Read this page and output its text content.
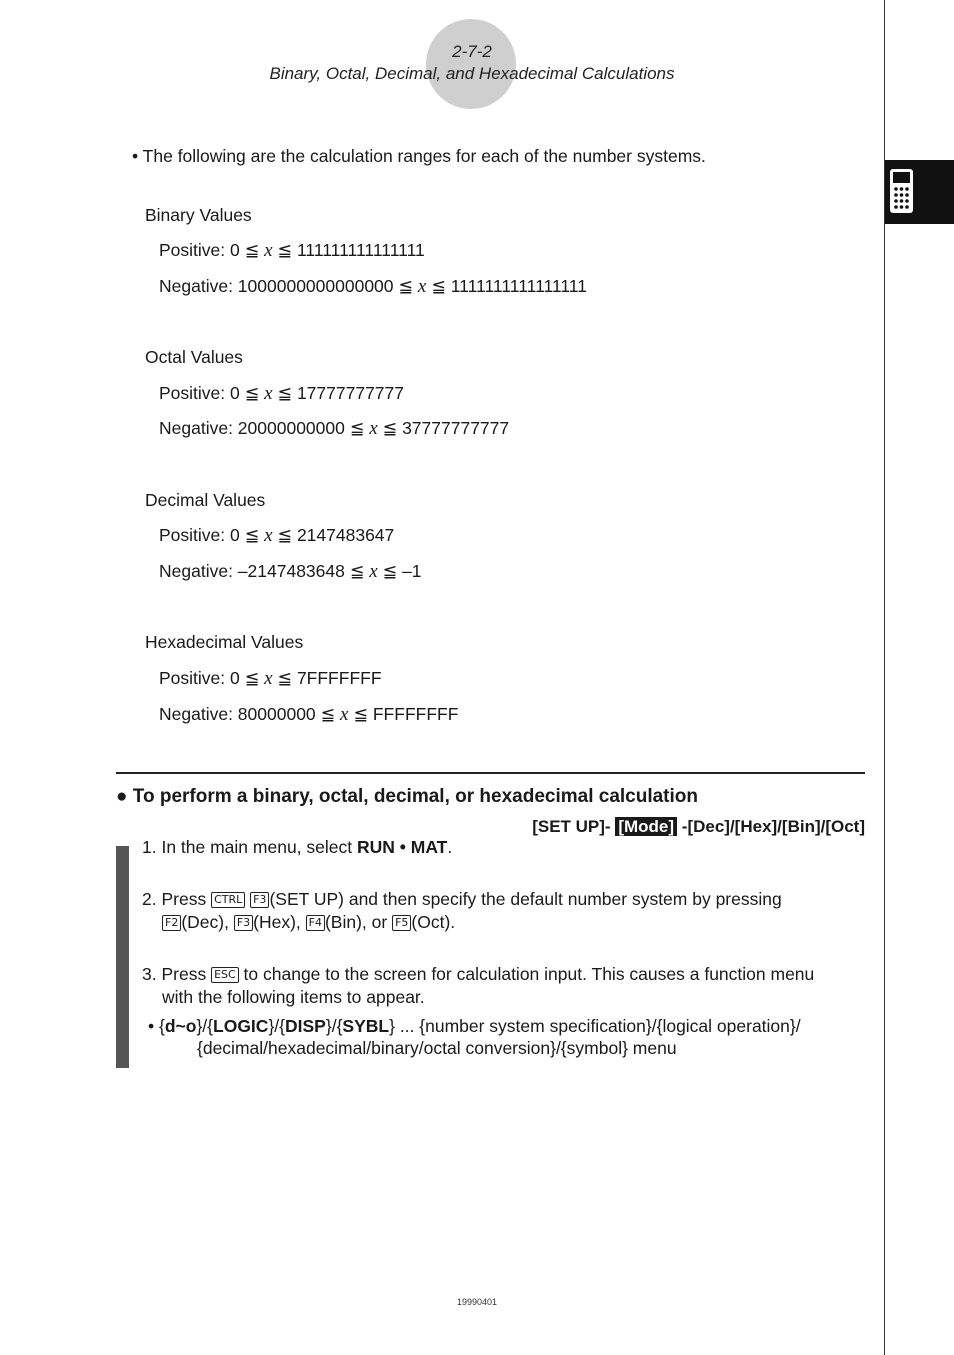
2-7-2
Binary, Octal, Decimal, and Hexadecimal Calculations
• The following are the calculation ranges for each of the number systems.
Binary Values
Positive: 0 ≦ x ≦ 111111111111111
Negative: 1000000000000000 ≦ x ≦ 1111111111111111
Octal Values
Positive: 0 ≦ x ≦ 17777777777
Negative: 20000000000 ≦ x ≦ 37777777777
Decimal Values
Positive: 0 ≦ x ≦ 2147483647
Negative: –2147483648 ≦ x ≦ –1
Hexadecimal Values
Positive: 0 ≦ x ≦ 7FFFFFFF
Negative: 80000000 ≦ x ≦ FFFFFFFF
● To perform a binary, octal, decimal, or hexadecimal calculation
[SET UP]- [Mode] -[Dec]/[Hex]/[Bin]/[Oct]
1. In the main menu, select RUN • MAT.
2. Press CTRL F3 (SET UP) and then specify the default number system by pressing
F2 (Dec), F3 (Hex), F4 (Bin), or F5 (Oct).
3. Press ESC to change to the screen for calculation input. This causes a function menu
with the following items to appear.
• {d~o}/{LOGIC}/{DISP}/{SYBL} ... {number system specification}/{logical operation}/
{decimal/hexadecimal/binary/octal conversion}/{symbol} menu
19990401
